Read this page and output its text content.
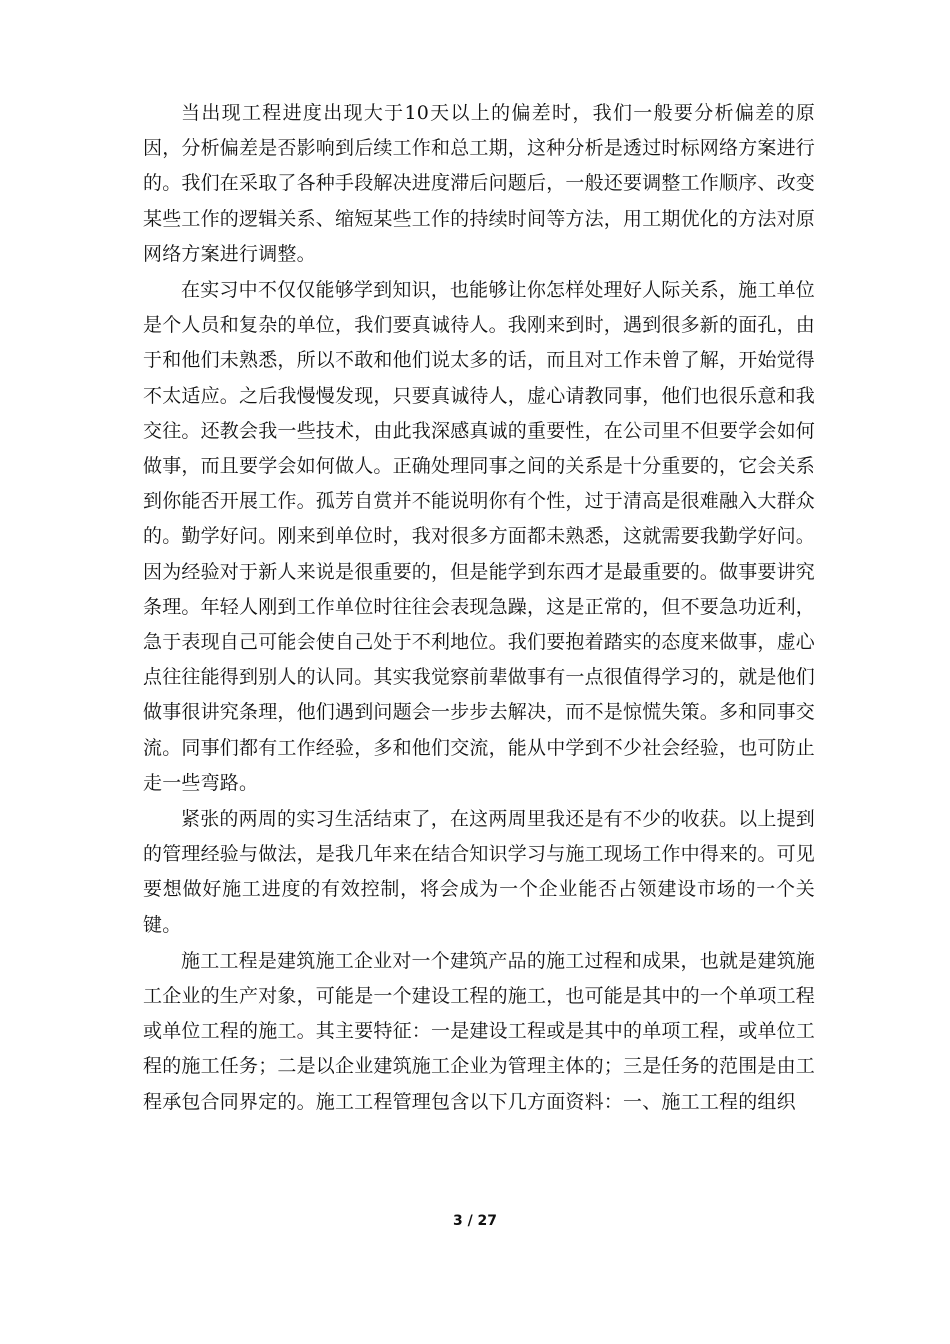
当出现工程进度出现大于10天以上的偏差时，我们一般要分析偏差的原因，分析偏差是否影响到后续工作和总工期，这种分析是透过时标网络方案进行的。我们在采取了各种手段解决进度滞后问题后，一般还要调整工作顺序、改变某些工作的逻辑关系、缩短某些工作的持续时间等方法，用工期优化的方法对原网络方案进行调整。

在实习中不仅仅能够学到知识，也能够让你怎样处理好人际关系，施工单位是个人员和复杂的单位，我们要真诚待人。我刚来到时，遇到很多新的面孔，由于和他们未熟悉，所以不敢和他们说太多的话，而且对工作未曾了解，开始觉得不太适应。之后我慢慢发现，只要真诚待人，虚心请教同事，他们也很乐意和我交往。还教会我一些技术，由此我深感真诚的重要性，在公司里不但要学会如何做事，而且要学会如何做人。正确处理同事之间的关系是十分重要的，它会关系到你能否开展工作。孤芳自赏并不能说明你有个性，过于清高是很难融入大群众的。勤学好问。刚来到单位时，我对很多方面都未熟悉，这就需要我勤学好问。因为经验对于新人来说是很重要的，但是能学到东西才是最重要的。做事要讲究条理。年轻人刚到工作单位时往往会表现急躁，这是正常的，但不要急功近利，急于表现自己可能会使自己处于不利地位。我们要抱着踏实的态度来做事，虚心点往往能得到别人的认同。其实我觉察前辈做事有一点很值得学习的，就是他们做事很讲究条理，他们遇到问题会一步步去解决，而不是惊慌失策。多和同事交流。同事们都有工作经验，多和他们交流，能从中学到不少社会经验，也可防止走一些弯路。

紧张的两周的实习生活结束了，在这两周里我还是有不少的收获。以上提到的管理经验与做法，是我几年来在结合知识学习与施工现场工作中得来的。可见要想做好施工进度的有效控制，将会成为一个企业能否占领建设市场的一个关键。

施工工程是建筑施工企业对一个建筑产品的施工过程和成果，也就是建筑施工企业的生产对象，可能是一个建设工程的施工，也可能是其中的一个单项工程或单位工程的施工。其主要特征：一是建设工程或是其中的单项工程，或单位工程的施工任务；二是以企业建筑施工企业为管理主体的；三是任务的范围是由工程承包合同界定的。施工工程管理包含以下几方面资料：一、施工工程的组织

3 / 27
